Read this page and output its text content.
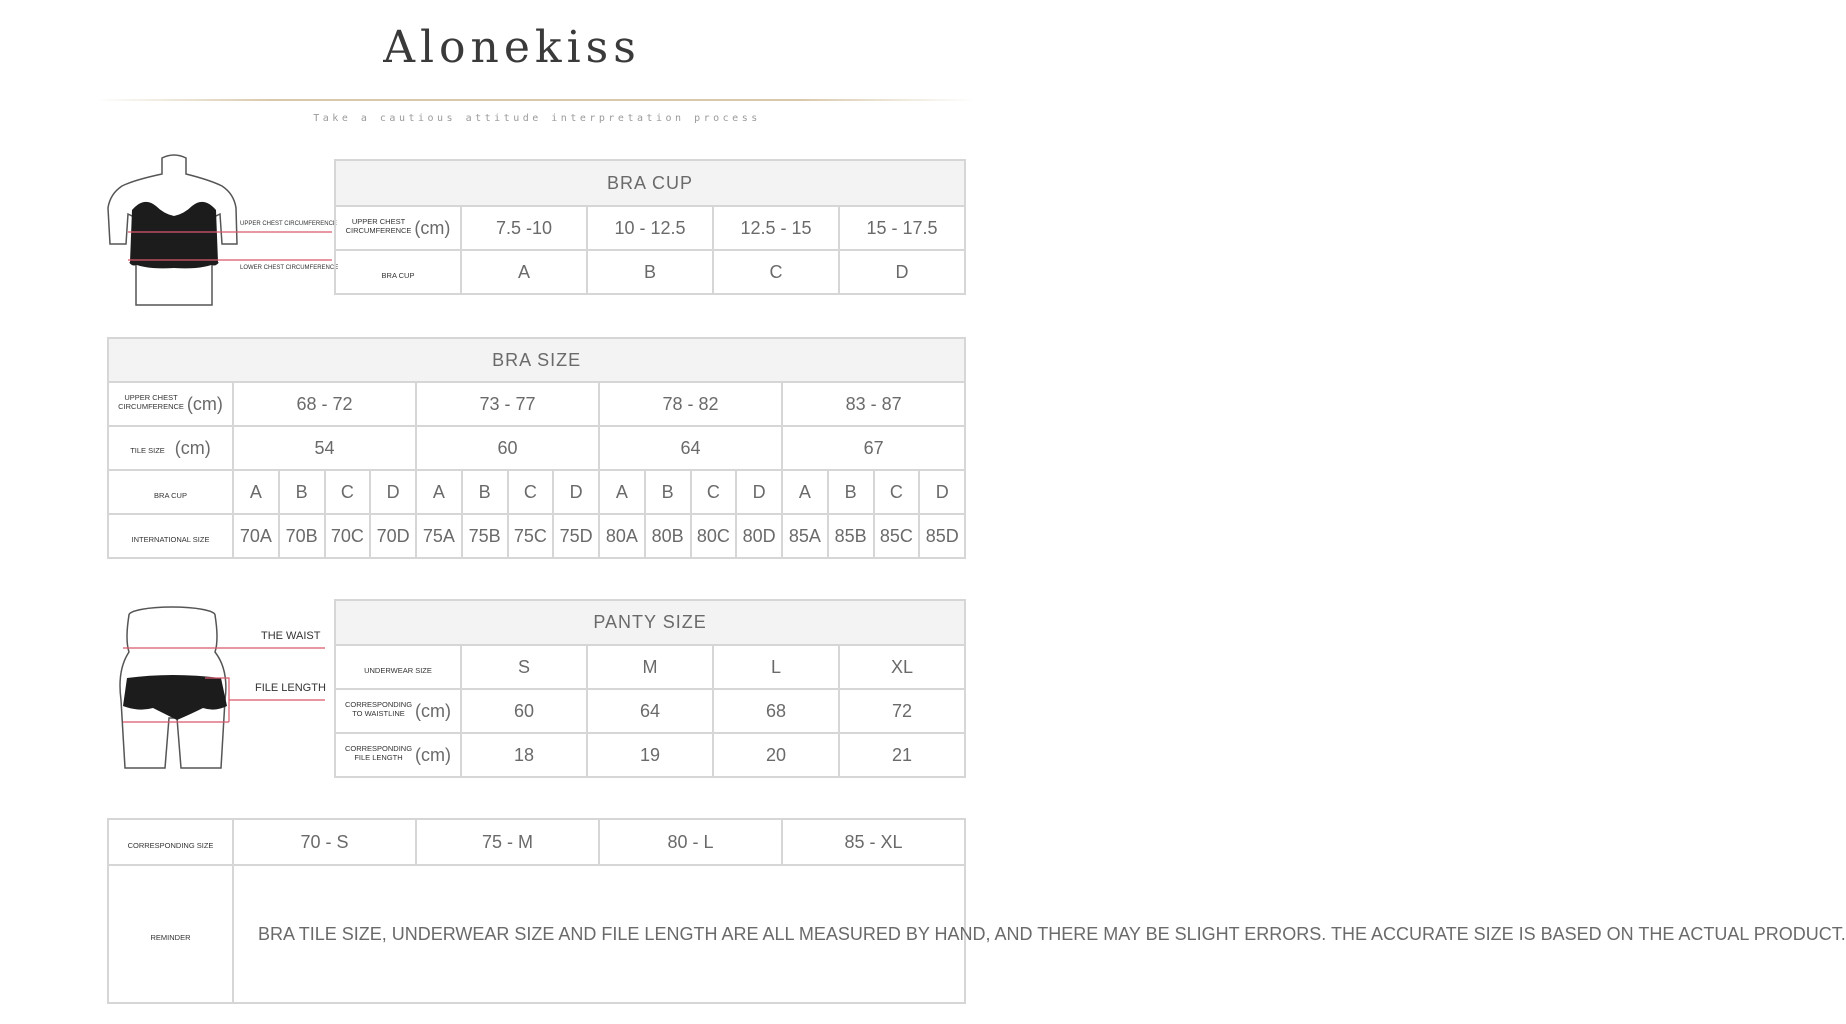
Alonekiss
Take a cautious attitude interpretation process
UPPER CHEST CIRCUMFERENCE
LOWER CHEST CIRCUMFERENCE
BRA CUP				
UPPER CHEST
CIRCUMFERENCE (cm)	7.5 -10	10 - 12.5	12.5 - 15	15 - 17.5
BRA CUP	A	B	C	D
BRA SIZE																
UPPER CHEST
CIRCUMFERENCE (cm)	68 - 72				73 - 77				78 - 82				83 - 87			
TILE SIZE (cm)	54				60				64				67			
BRA CUP	A	B	C	D	A	B	C	D	A	B	C	D	A	B	C	D
INTERNATIONAL SIZE	70A	70B	70C	70D	75A	75B	75C	75D	80A	80B	80C	80D	85A	85B	85C	85D
THE WAIST
FILE LENGTH
PANTY SIZE				
UNDERWEAR SIZE	S	M	L	XL
CORRESPONDING
TO WAISTLINE (cm)	60	64	68	72
CORRESPONDING
FILE LENGTH (cm)	18	19	20	21
CORRESPONDING SIZE	70 - S	75 - M	80 - L	85 - XL
REMINDER	BRA TILE SIZE, UNDERWEAR SIZE AND FILE LENGTH ARE ALL MEASURED BY HAND, AND THERE MAY BE SLIGHT ERRORS. THE ACCURATE SIZE IS BASED ON THE ACTUAL PRODUCT.			
